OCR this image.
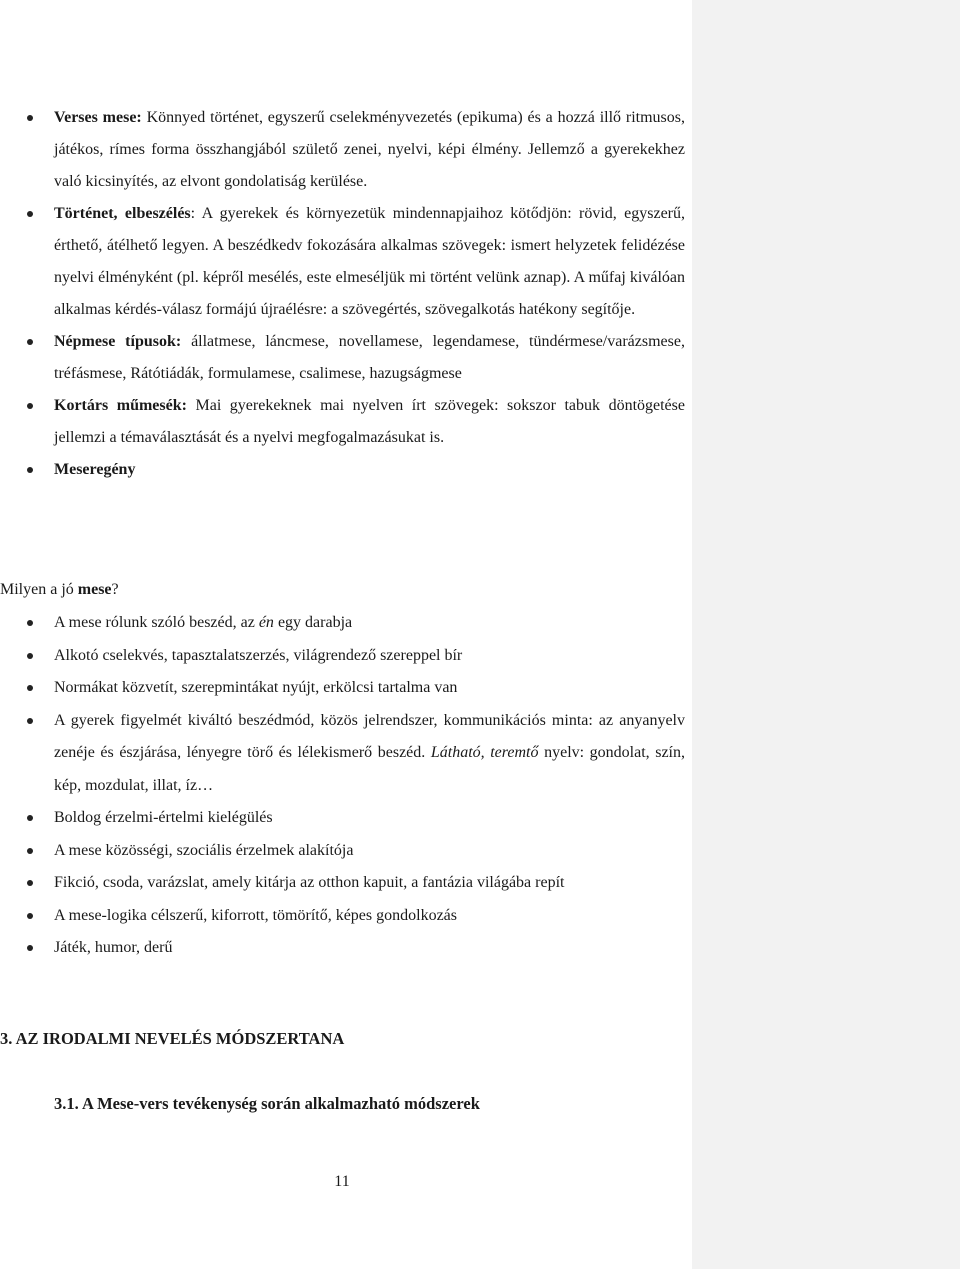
Verses mese: Könnyed történet, egyszerű cselekményvezetés (epikuma) és a hozzá illő ritmusos, játékos, rímes forma összhangjából születő zenei, nyelvi, képi élmény. Jellemző a gyerekekhez való kicsinyítés, az elvont gondolatiság kerülése.
Történet, elbeszélés: A gyerekek és környezetük mindennapjaihoz kötődjön: rövid, egyszerű, érthető, átélhető legyen. A beszédkedv fokozására alkalmas szövegek: ismert helyzetek felidézése nyelvi élményként (pl. képről mesélés, este elmeséljük mi történt velünk aznap). A műfaj kiválóan alkalmas kérdés-válasz formájú újraélésre: a szövegértés, szövegalkotás hatékony segítője.
Népmese típusok: állatmese, láncmese, novellamese, legendamese, tündérmese/varázsmese, tréfásmese, Rátótiádák, formulamese, csalimese, hazugságmese
Kortárs műmesék: Mai gyerekeknek mai nyelven írt szövegek: sokszor tabuk döntögetése jellemzi a témaválasztását és a nyelvi megfogalmazásukat is.
Meseregény

Milyen a jó mese?

A mese rólunk szóló beszéd, az én egy darabja
Alkotó cselekvés, tapasztalatszerzés, világrendező szereppel bír
Normákat közvetít, szerepmintákat nyújt, erkölcsi tartalma van
A gyerek figyelmét kiváltó beszédmód, közös jelrendszer, kommunikációs minta: az anyanyelv zenéje és észjárása, lényegre törő és lélekismerő beszéd. Látható, teremtő nyelv: gondolat, szín, kép, mozdulat, illat, íz…
Boldog érzelmi-értelmi kielégülés
A mese közösségi, szociális érzelmek alakítója
Fikció, csoda, varázslat, amely kitárja az otthon kapuit, a fantázia világába repít
A mese-logika célszerű, kiforrott, tömörítő, képes gondolkozás
Játék, humor, derű

3. AZ IRODALMI NEVELÉS MÓDSZERTANA

3.1. A Mese-vers tevékenység során alkalmazható módszerek

11
